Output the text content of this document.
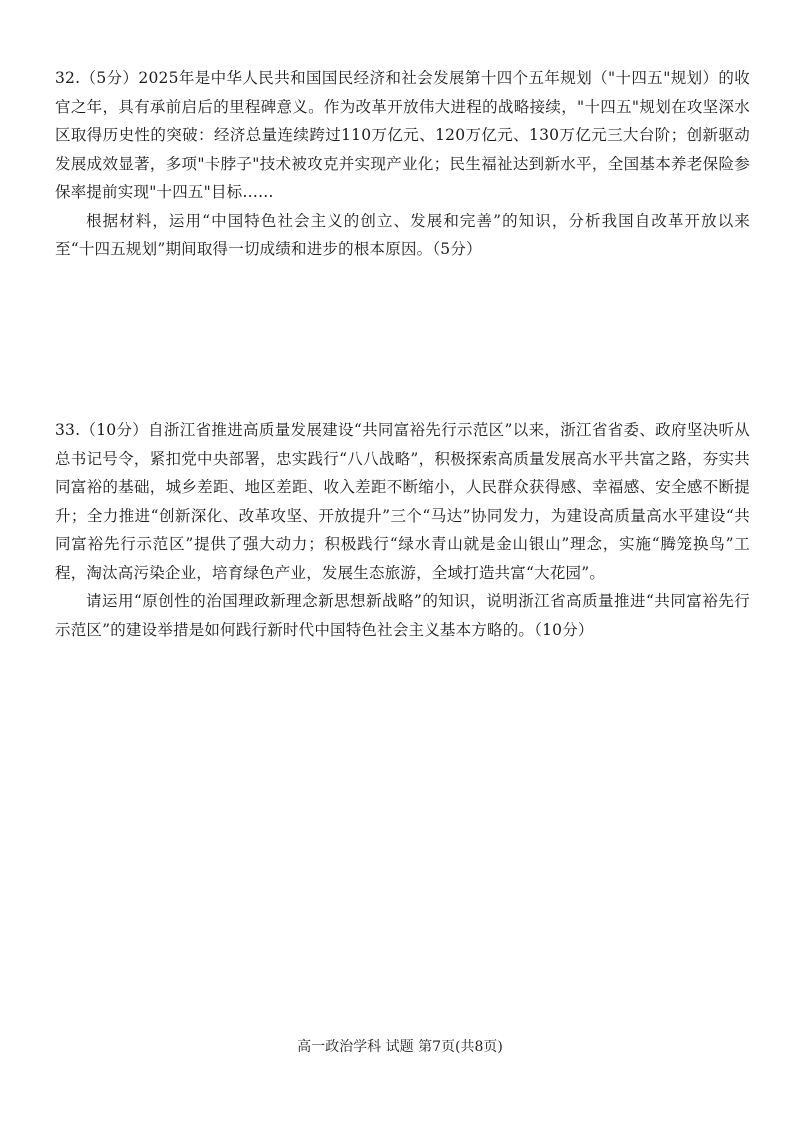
32.（5分）2025年是中华人民共和国国民经济和社会发展第十四个五年规划（"十四五"规划）的收官之年，具有承前启后的里程碑意义。作为改革开放伟大进程的战略接续，"十四五"规划在攻坚深水区取得历史性的突破：经济总量连续跨过110万亿元、120万亿元、130万亿元三大台阶；创新驱动发展成效显著，多项"卡脖子"技术被攻克并实现产业化；民生福祉达到新水平，全国基本养老保险参保率提前实现"十四五"目标……

根据材料，运用“中国特色社会主义的创立、发展和完善”的知识，分析我国自改革开放以来至“十四五规划”期间取得一切成绩和进步的根本原因。（5分）

33.（10分）自浙江省推进高质量发展建设“共同富裕先行示范区”以来，浙江省省委、政府坚决听从总书记号令，紧扣党中央部署，忠实践行“八八战略”，积极探索高质量发展高水平共富之路，夯实共同富裕的基础，城乡差距、地区差距、收入差距不断缩小，人民群众获得感、幸福感、安全感不断提升；全力推进“创新深化、改革攻坚、开放提升”三个“马达”协同发力，为建设高质量高水平建设“共同富裕先行示范区”提供了强大动力；积极践行“绿水青山就是金山银山”理念，实施“腾笼换鸟”工程，淘汰高污染企业，培育绿色产业，发展生态旅游，全域打造共富“大花园”。

请运用“原创性的治国理政新理念新思想新战略”的知识，说明浙江省高质量推进“共同富裕先行示范区”的建设举措是如何践行新时代中国特色社会主义基本方略的。（10分）

高一政治学科 试题 第7页(共8页)
